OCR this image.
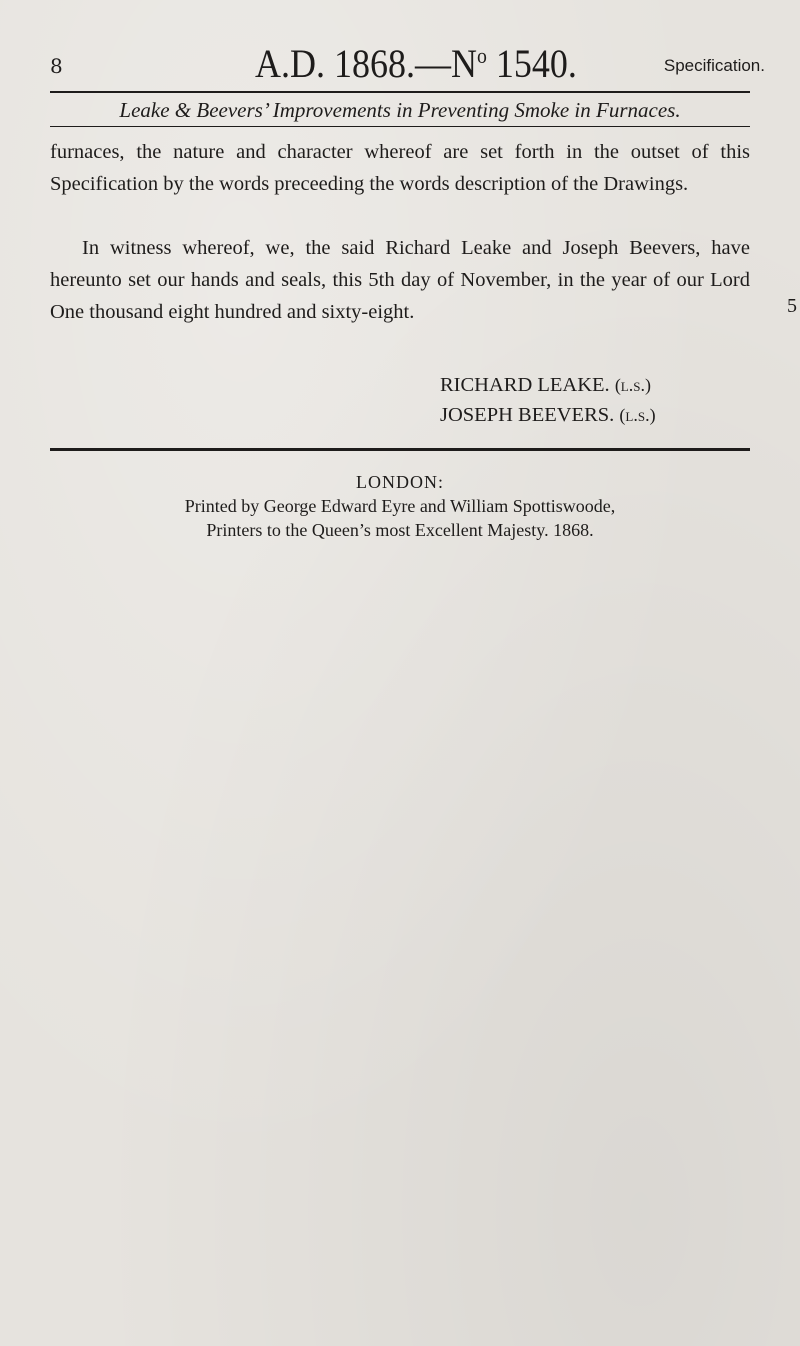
8	A.D. $1868.—N^o$ 1540.	Specification.
Leake & Beevers’ Improvements in Preventing Smoke in Furnaces.
furnaces, the nature and character whereof are set forth in the outset of this Specification by the words preceeding the words description of the Drawings.
In witness whereof, we, the said Richard Leake and Joseph Beevers, have hereunto set our hands and seals, this 5th day of November, in the year of our Lord One thousand eight hundred and sixty-eight.	5
RICHARD LEAKE. (l.s.)
JOSEPH BEEVERS. (l.s.)
LONDON:
Printed by George Edward Eyre and William Spottiswoode,
Printers to the Queen’s most Excellent Majesty. 1868.
